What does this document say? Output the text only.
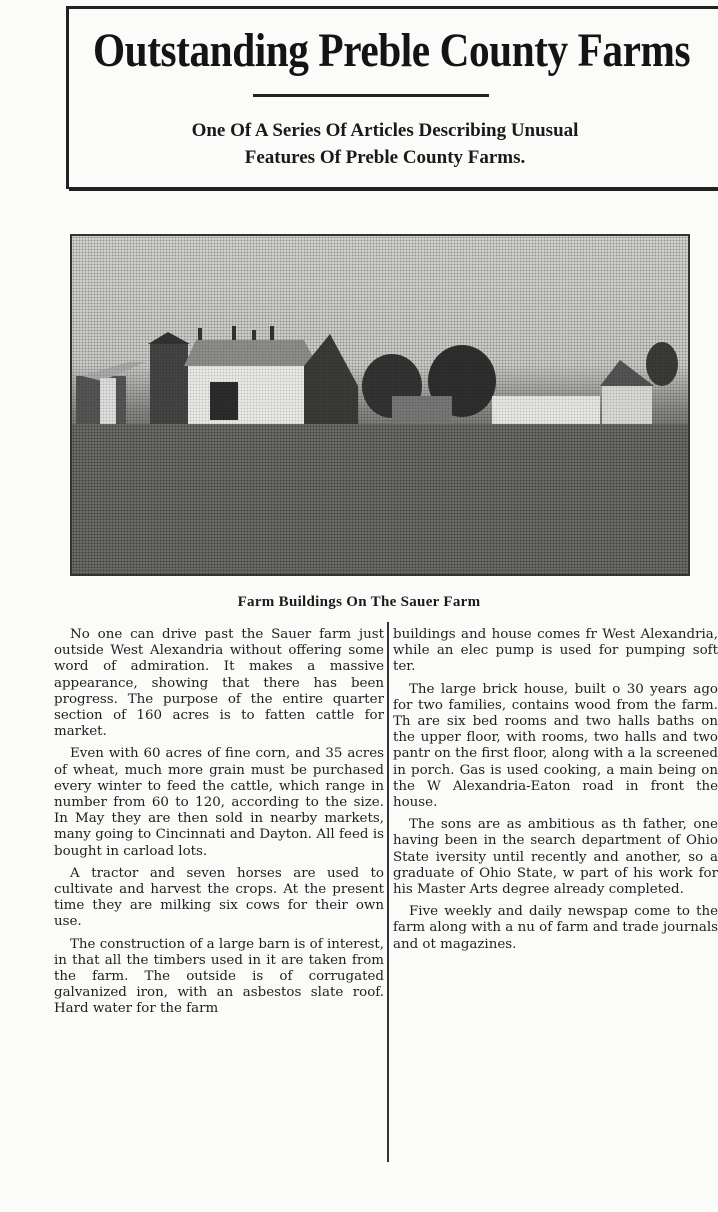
Outstanding Preble County Farms
One Of A Series Of Articles Describing Unusual
Features Of Preble County Farms.
Farm Buildings On The Sauer Farm

No one can drive past the Sauer farm just outside West Alexandria without offering some word of admiration. It makes a massive appearance, showing that there has been progress. The purpose of the entire quarter section of 160 acres is to fatten cattle for market.

Even with 60 acres of fine corn, and 35 acres of wheat, much more grain must be purchased every winter to feed the cattle, which range in number from 60 to 120, according to the size. In May they are then sold in nearby markets, many going to Cincinnati and Dayton. All feed is bought in carload lots.

A tractor and seven horses are used to cultivate and harvest the crops. At the present time they are milking six cows for their own use.

The construction of a large barn is of interest, in that all the timbers used in it are taken from the farm. The outside is of corrugated galvanized iron, with an asbestos slate roof. Hard water for the farm

buildings and house comes fr West Alexandria, while an elec pump is used for pumping soft ter.

The large brick house, built o 30 years ago for two families, contains wood from the farm. Th are six bed rooms and two halls baths on the upper floor, with rooms, two halls and two pantr on the first floor, along with a la screened in porch. Gas is used cooking, a main being on the W Alexandria-Eaton road in front the house.

The sons are as ambitious as th father, one having been in the search department of Ohio State iversity until recently and another, so a graduate of Ohio State, w part of his work for his Master Arts degree already completed.

Five weekly and daily newspap come to the farm along with a nu of farm and trade journals and ot magazines.
